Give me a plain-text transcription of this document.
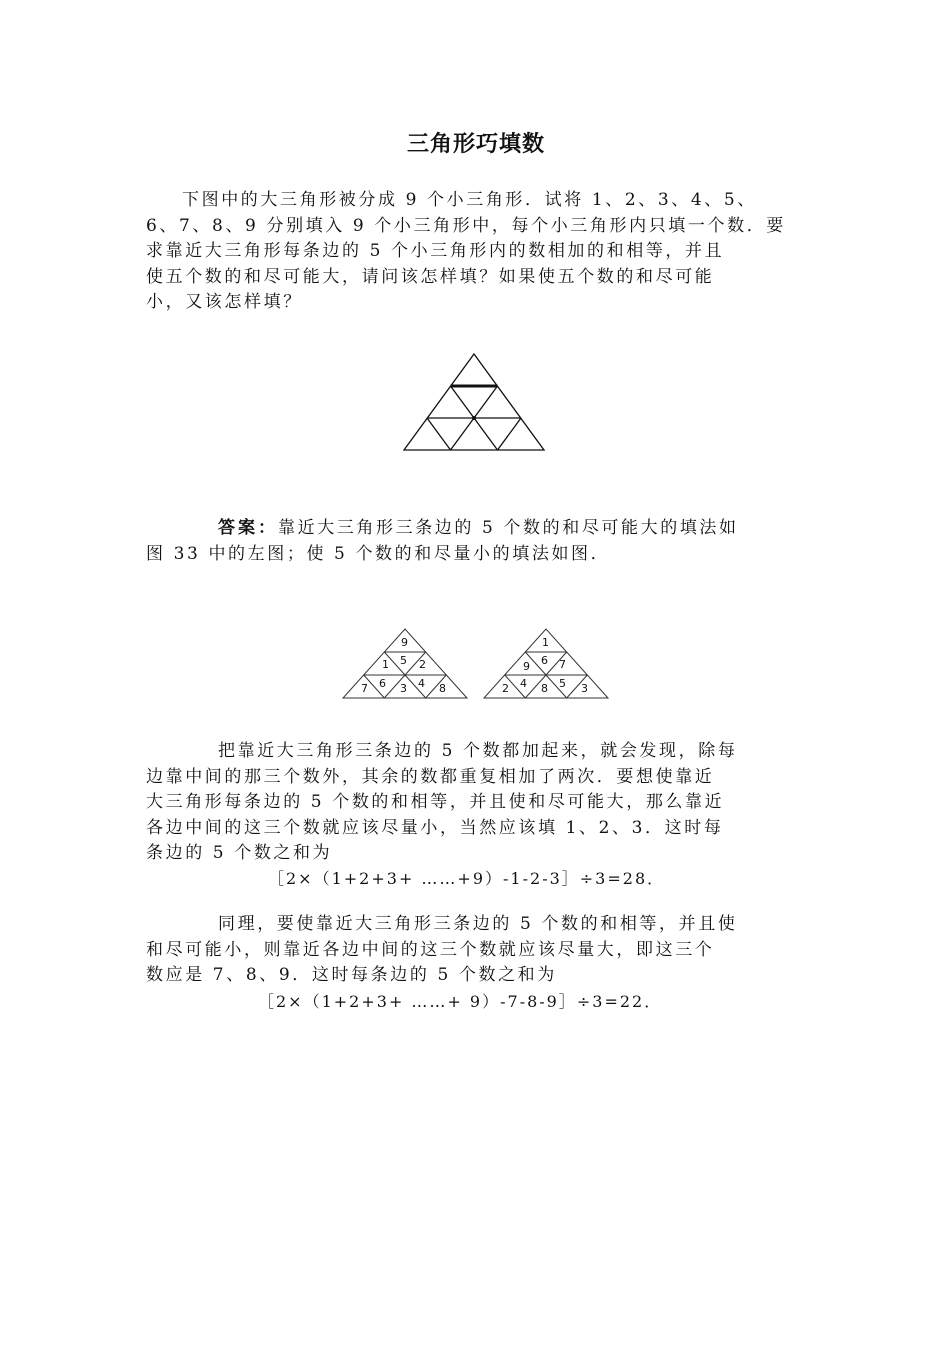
三角形巧填数

下图中的大三角形被分成 9 个小三角形．试将 1、2、3、4、5、
6、7、8、9 分别填入 9 个小三角形中，每个小三角形内只填一个数．要
求靠近大三角形每条边的 5 个小三角形内的数相加的和相等，并且
使五个数的和尽可能大，请问该怎样填？如果使五个数的和尽可能
小，又该怎样填？

答案：靠近大三角形三条边的 5 个数的和尽可能大的填法如
图 33 中的左图；使 5 个数的和尽量小的填法如图．

9
1 5 2
7 6 3 4 8
1
9 6 7
2 4 8 5 3

把靠近大三角形三条边的 5 个数都加起来，就会发现，除每
边靠中间的那三个数外，其余的数都重复相加了两次．要想使靠近
大三角形每条边的 5 个数的和相等，并且使和尽可能大，那么靠近
各边中间的这三个数就应该尽量小，当然应该填 1、2、3．这时每
条边的 5 个数之和为

［2×（1+2+3+ ……+9）-1-2-3］÷3=28．

同理，要使靠近大三角形三条边的 5 个数的和相等，并且使
和尽可能小，则靠近各边中间的这三个数就应该尽量大，即这三个
数应是 7、8、9．这时每条边的 5 个数之和为

［2×（1+2+3+ ……+ 9）-7-8-9］÷3=22．
